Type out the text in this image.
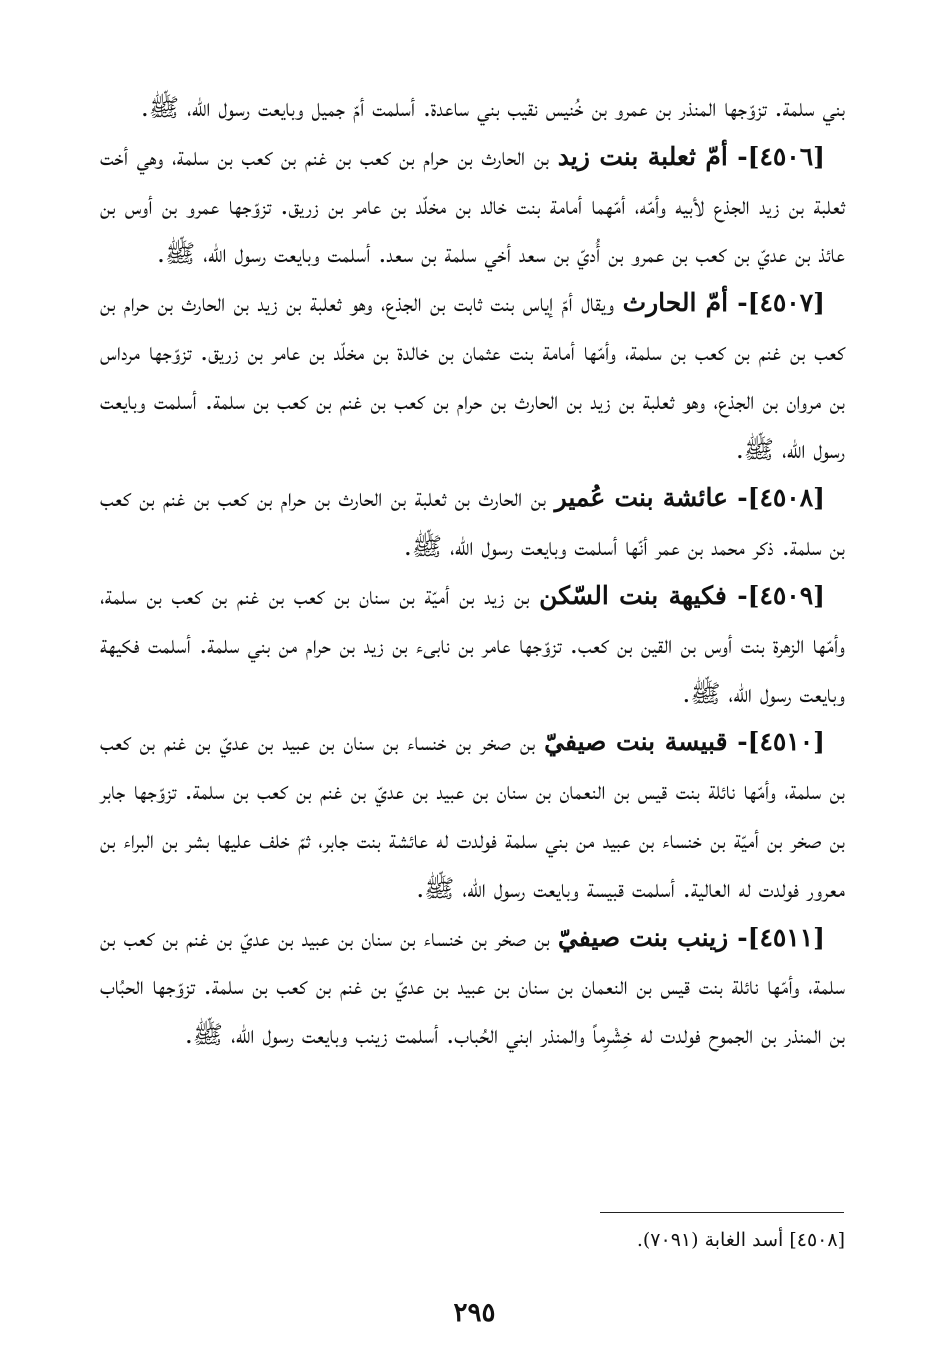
بني سلمة. تزوّجها المنذر بن عمرو بن خُنيس نقيب بني ساعدة. أسلمت أمّ جميل وبايعت رسول الله، ﷺ.

[٤٥٠٦]- أمّ ثعلبة بنت زيد بن الحارث بن حرام بن كعب بن غنم بن كعب بن سلمة، وهي أخت ثعلبة بن زيد الجذع لأبيه وأمّه، أمّهما أمامة بنت خالد بن مخلّد بن عامر بن زريق. تزوّجها عمرو بن أوس بن عائذ بن عديّ بن كعب بن عمرو بن أُديّ بن سعد أخي سلمة بن سعد. أسلمت وبايعت رسول الله، ﷺ.

[٤٥٠٧]- أمّ الحارث ويقال أمّ إياس بنت ثابت بن الجذع، وهو ثعلبة بن زيد بن الحارث بن حرام بن كعب بن غنم بن كعب بن سلمة، وأمّها أمامة بنت عثمان بن خالدة بن مخلّد بن عامر بن زريق. تزوّجها مرداس بن مروان بن الجذع، وهو ثعلبة بن زيد بن الحارث بن حرام بن كعب بن غنم بن كعب بن سلمة. أسلمت وبايعت رسول الله، ﷺ.

[٤٥٠٨]- عائشة بنت عُمير بن الحارث بن ثعلبة بن الحارث بن حرام بن كعب بن غنم بن كعب بن سلمة. ذكر محمد بن عمر أنّها أسلمت وبايعت رسول الله، ﷺ.

[٤٥٠٩]- فكيهة بنت السّكن بن زيد بن أميّة بن سنان بن كعب بن غنم بن كعب بن سلمة، وأمّها الزهرة بنت أوس بن القين بن كعب. تزوّجها عامر بن نابىء بن زيد بن حرام من بني سلمة. أسلمت فكيهة وبايعت رسول الله، ﷺ.

[٤٥١٠]- قبيسة بنت صيفيّ بن صخر بن خنساء بن سنان بن عبيد بن عديّ بن غنم بن كعب بن سلمة، وأمّها نائلة بنت قيس بن النعمان بن سنان بن عبيد بن عديّ بن غنم بن كعب بن سلمة. تزوّجها جابر بن صخر بن أميّة بن خنساء بن عبيد من بني سلمة فولدت له عائشة بنت جابر، ثمّ خلف عليها بشر بن البراء بن معرور فولدت له العالية. أسلمت قبيسة وبايعت رسول الله، ﷺ.

[٤٥١١]- زينب بنت صيفيّ بن صخر بن خنساء بن سنان بن عبيد بن عديّ بن غنم بن كعب بن سلمة، وأمّها نائلة بنت قيس بن النعمان بن سنان بن عبيد بن عديّ بن غنم بن كعب بن سلمة. تزوّجها الحبُاب بن المنذر بن الجموح فولدت له خِشْرِماً والمنذر ابني الحُباب. أسلمت زينب وبايعت رسول الله، ﷺ.

[٤٥٠٨] أسد الغابة (٧٠٩١).
٢٩٥
